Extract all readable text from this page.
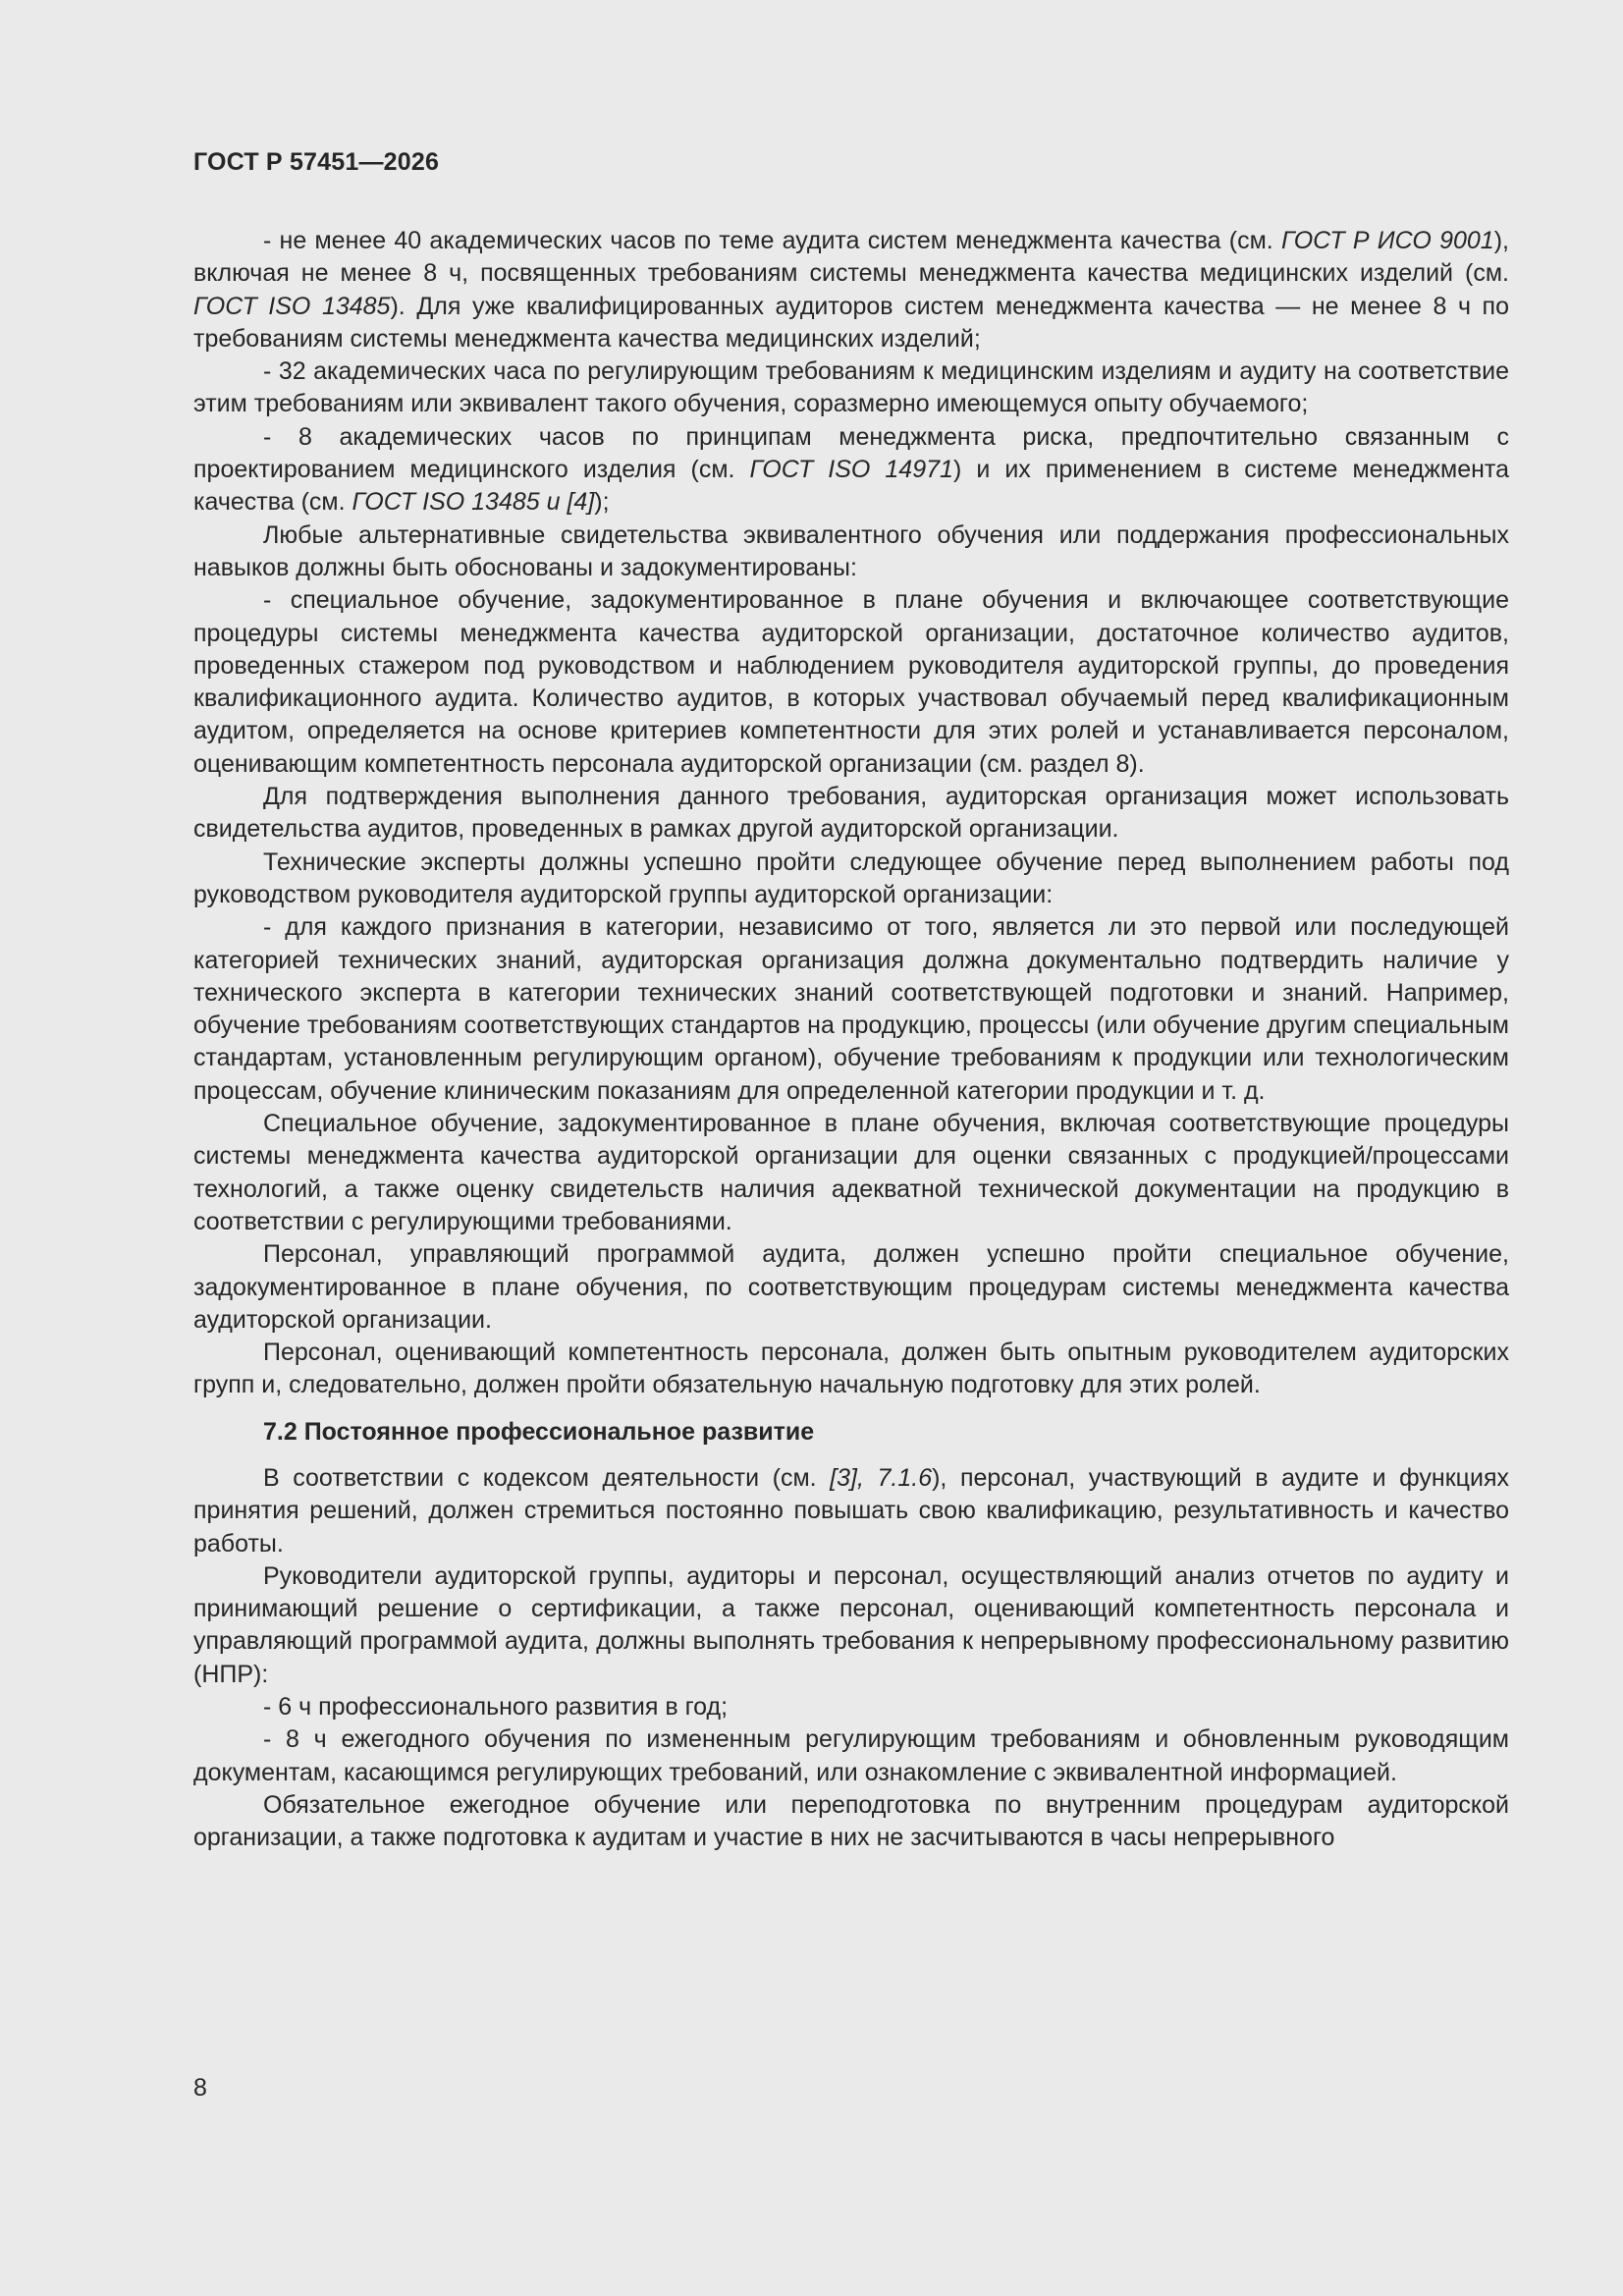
ГОСТ Р 57451—2026

- не менее 40 академических часов по теме аудита систем менеджмента качества (см. ГОСТ Р ИСО 9001), включая не менее 8 ч, посвященных требованиям системы менеджмента качества медицинских изделий (см. ГОСТ ISO 13485). Для уже квалифицированных аудиторов систем менеджмента качества — не менее 8 ч по требованиям системы менеджмента качества медицинских изделий;

- 32 академических часа по регулирующим требованиям к медицинским изделиям и аудиту на соответствие этим требованиям или эквивалент такого обучения, соразмерно имеющемуся опыту обучаемого;

- 8 академических часов по принципам менеджмента риска, предпочтительно связанным с проектированием медицинского изделия (см. ГОСТ ISO 14971) и их применением в системе менеджмента качества (см. ГОСТ ISO 13485 и [4]);

Любые альтернативные свидетельства эквивалентного обучения или поддержания профессиональных навыков должны быть обоснованы и задокументированы:

- специальное обучение, задокументированное в плане обучения и включающее соответствующие процедуры системы менеджмента качества аудиторской организации, достаточное количество аудитов, проведенных стажером под руководством и наблюдением руководителя аудиторской группы, до проведения квалификационного аудита. Количество аудитов, в которых участвовал обучаемый перед квалификационным аудитом, определяется на основе критериев компетентности для этих ролей и устанавливается персоналом, оценивающим компетентность персонала аудиторской организации (см. раздел 8).

Для подтверждения выполнения данного требования, аудиторская организация может использовать свидетельства аудитов, проведенных в рамках другой аудиторской организации.

Технические эксперты должны успешно пройти следующее обучение перед выполнением работы под руководством руководителя аудиторской группы аудиторской организации:

- для каждого признания в категории, независимо от того, является ли это первой или последующей категорией технических знаний, аудиторская организация должна документально подтвердить наличие у технического эксперта в категории технических знаний соответствующей подготовки и знаний. Например, обучение требованиям соответствующих стандартов на продукцию, процессы (или обучение другим специальным стандартам, установленным регулирующим органом), обучение требованиям к продукции или технологическим процессам, обучение клиническим показаниям для определенной категории продукции и т. д.

Специальное обучение, задокументированное в плане обучения, включая соответствующие процедуры системы менеджмента качества аудиторской организации для оценки связанных с продукцией/процессами технологий, а также оценку свидетельств наличия адекватной технической документации на продукцию в соответствии с регулирующими требованиями.

Персонал, управляющий программой аудита, должен успешно пройти специальное обучение, задокументированное в плане обучения, по соответствующим процедурам системы менеджмента качества аудиторской организации.

Персонал, оценивающий компетентность персонала, должен быть опытным руководителем аудиторских групп и, следовательно, должен пройти обязательную начальную подготовку для этих ролей.

7.2 Постоянное профессиональное развитие

В соответствии с кодексом деятельности (см. [3], 7.1.6), персонал, участвующий в аудите и функциях принятия решений, должен стремиться постоянно повышать свою квалификацию, результативность и качество работы.

Руководители аудиторской группы, аудиторы и персонал, осуществляющий анализ отчетов по аудиту и принимающий решение о сертификации, а также персонал, оценивающий компетентность персонала и управляющий программой аудита, должны выполнять требования к непрерывному профессиональному развитию (НПР):

- 6 ч профессионального развития в год;

- 8 ч ежегодного обучения по измененным регулирующим требованиям и обновленным руководящим документам, касающимся регулирующих требований, или ознакомление с эквивалентной информацией.

Обязательное ежегодное обучение или переподготовка по внутренним процедурам аудиторской организации, а также подготовка к аудитам и участие в них не засчитываются в часы непрерывного

8
